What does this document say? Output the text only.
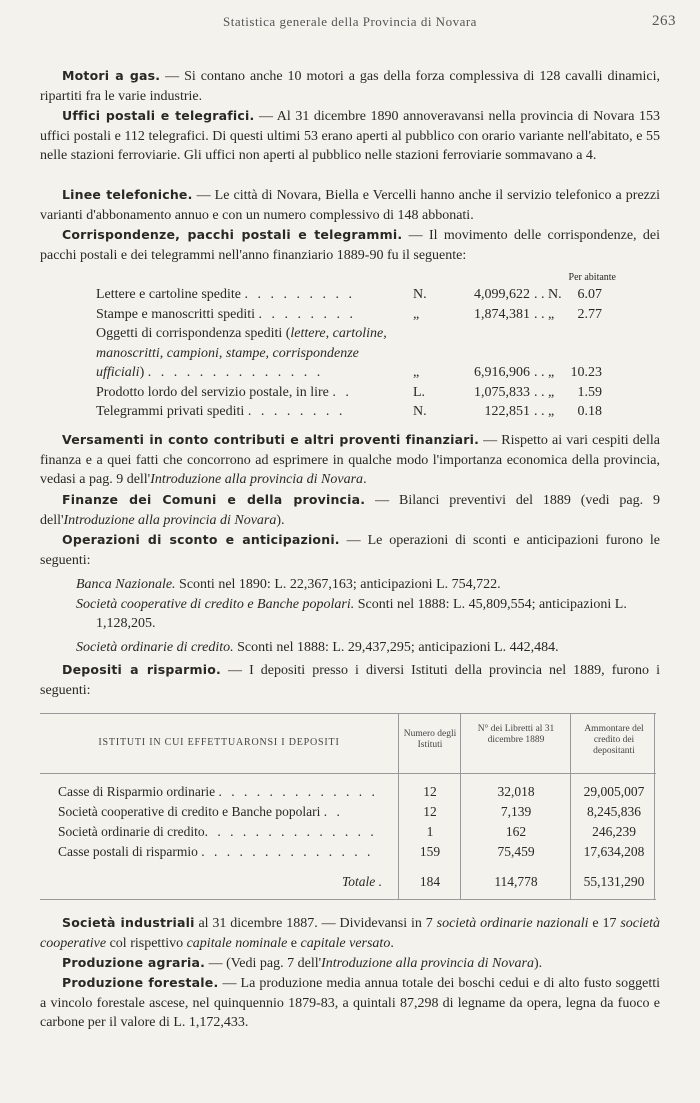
Statistica generale della Provincia di Novara	263

Motori a gas. — Si contano anche 10 motori a gas della forza complessiva di 128 cavalli dinamici, ripartiti fra le varie industrie.

Uffici postali e telegrafici. — Al 31 dicembre 1890 annoveravansi nella provincia di Novara 153 uffici postali e 112 telegrafici. Di questi ultimi 53 erano aperti al pubblico con orario variante nell'abitato, e 55 nelle stazioni ferroviarie. Gli uffici non aperti al pubblico nelle stazioni ferroviarie sommavano a 4.

Linee telefoniche. — Le città di Novara, Biella e Vercelli hanno anche il servizio telefonico a prezzi varianti d'abbonamento annuo e con un numero complessivo di 148 abbonati.

Corrispondenze, pacchi postali e telegrammi. — Il movimento delle corrispondenze, dei pacchi postali e dei telegrammi nell'anno finanziario 1889-90 fu il seguente:

Per abitante
Lettere e cartoline spedite . . . . . . . . .	N.	4,099,622 . . N. 6.07
Stampe e manoscritti spediti . . . . . . . .	„	1,874,381 . . „ 2.77
Oggetti di corrispondenza spediti (lettere, cartoline,
manoscritti, campioni, stampe, corrispondenze
ufficiali) . . . . . . . . . . . . . .	„	6,916,906 . . „ 10.23
Prodotto lordo del servizio postale, in lire . .	L.	1,075,833 . . „ 1.59
Telegrammi privati spediti . . . . . . . .	N.	122,851 . . „ 0.18

Versamenti in conto contributi e altri proventi finanziari. — Rispetto ai vari cespiti della finanza e a quei fatti che concorrono ad esprimere in qualche modo l'importanza economica della provincia, vedasi a pag. 9 dell'Introduzione alla provincia di Novara.

Finanze dei Comuni e della provincia. — Bilanci preventivi del 1889 (vedi pag. 9 dell'Introduzione alla provincia di Novara).

Operazioni di sconto e anticipazioni. — Le operazioni di sconti e anticipazioni furono le seguenti:

Banca Nazionale. Sconti nel 1890: L. 22,367,163; anticipazioni L. 754,722.

Società cooperative di credito e Banche popolari. Sconti nel 1888: L. 45,809,554; anticipazioni L. 1,128,205.

Società ordinarie di credito. Sconti nel 1888: L. 29,437,295; anticipazioni L. 442,484.

Depositi a risparmio. — I depositi presso i diversi Istituti della provincia nel 1889, furono i seguenti:

ISTITUTI IN CUI EFFETTUARONSI I DEPOSITI
Numero degli Istituti
N° dei Libretti al 31 dicembre 1889
Ammontare del credito dei depositanti
Casse di Risparmio ordinarie . . . . . . . . . . . . .	12	32,018	29,005,007
Società cooperative di credito e Banche popolari . .	12	7,139	8,245,836
Società ordinarie di credito. . . . . . . . . . . . . .	1	162	246,239
Casse postali di risparmio . . . . . . . . . . . . . .	159	75,459	17,634,208
Totale .	184	114,778	55,131,290

Società industriali al 31 dicembre 1887. — Dividevansi in 7 società ordinarie nazionali e 17 società cooperative col rispettivo capitale nominale e capitale versato.

Produzione agraria. — (Vedi pag. 7 dell'Introduzione alla provincia di Novara).

Produzione forestale. — La produzione media annua totale dei boschi cedui e di alto fusto soggetti a vincolo forestale ascese, nel quinquennio 1879-83, a quintali 87,298 di legname da opera, legna da fuoco e carbone per il valore di L. 1,172,433.
